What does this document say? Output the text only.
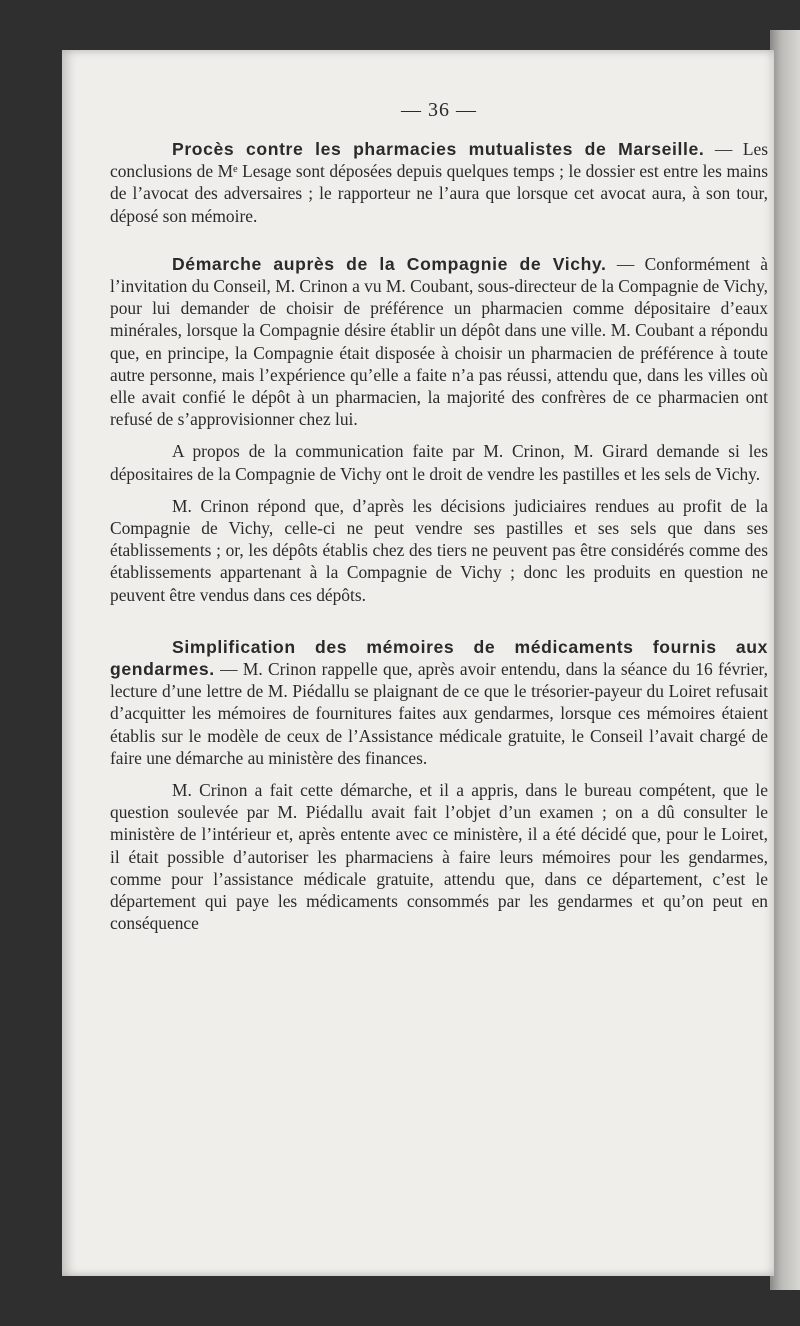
— 36 —

Procès contre les pharmacies mutualistes de Marseille. — Les conclusions de Mᵉ Lesage sont déposées depuis quelques temps ; le dossier est entre les mains de l’avocat des adversaires ; le rapporteur ne l’aura que lorsque cet avocat aura, à son tour, déposé son mémoire.

Démarche auprès de la Compagnie de Vichy. — Conformément à l’invitation du Conseil, M. Crinon a vu M. Coubant, sous-directeur de la Compagnie de Vichy, pour lui demander de choisir de préférence un pharmacien comme dépositaire d’eaux minérales, lorsque la Compagnie désire établir un dépôt dans une ville. M. Coubant a répondu que, en principe, la Compagnie était disposée à choisir un pharmacien de préférence à toute autre personne, mais l’expérience qu’elle a faite n’a pas réussi, attendu que, dans les villes où elle avait confié le dépôt à un pharmacien, la majorité des confrères de ce pharmacien ont refusé de s’approvisionner chez lui.

A propos de la communication faite par M. Crinon, M. Girard demande si les dépositaires de la Compagnie de Vichy ont le droit de vendre les pastilles et les sels de Vichy.

M. Crinon répond que, d’après les décisions judiciaires rendues au profit de la Compagnie de Vichy, celle-ci ne peut vendre ses pastilles et ses sels que dans ses établissements ; or, les dépôts établis chez des tiers ne peuvent pas être considérés comme des établissements appartenant à la Compagnie de Vichy ; donc les produits en question ne peuvent être vendus dans ces dépôts.

Simplification des mémoires de médicaments fournis aux gendarmes. — M. Crinon rappelle que, après avoir entendu, dans la séance du 16 février, lecture d’une lettre de M. Piédallu se plaignant de ce que le trésorier-payeur du Loiret refusait d’acquitter les mémoires de fournitures faites aux gendarmes, lorsque ces mémoires étaient établis sur le modèle de ceux de l’Assistance médicale gratuite, le Conseil l’avait chargé de faire une démarche au ministère des finances.

M. Crinon a fait cette démarche, et il a appris, dans le bureau compétent, que le question soulevée par M. Piédallu avait fait l’objet d’un examen ; on a dû consulter le ministère de l’intérieur et, après entente avec ce ministère, il a été décidé que, pour le Loiret, il était possible d’autoriser les pharmaciens à faire leurs mémoires pour les gendarmes, comme pour l’assistance médicale gratuite, attendu que, dans ce département, c’est le département qui paye les médicaments consommés par les gendarmes et qu’on peut en conséquence
